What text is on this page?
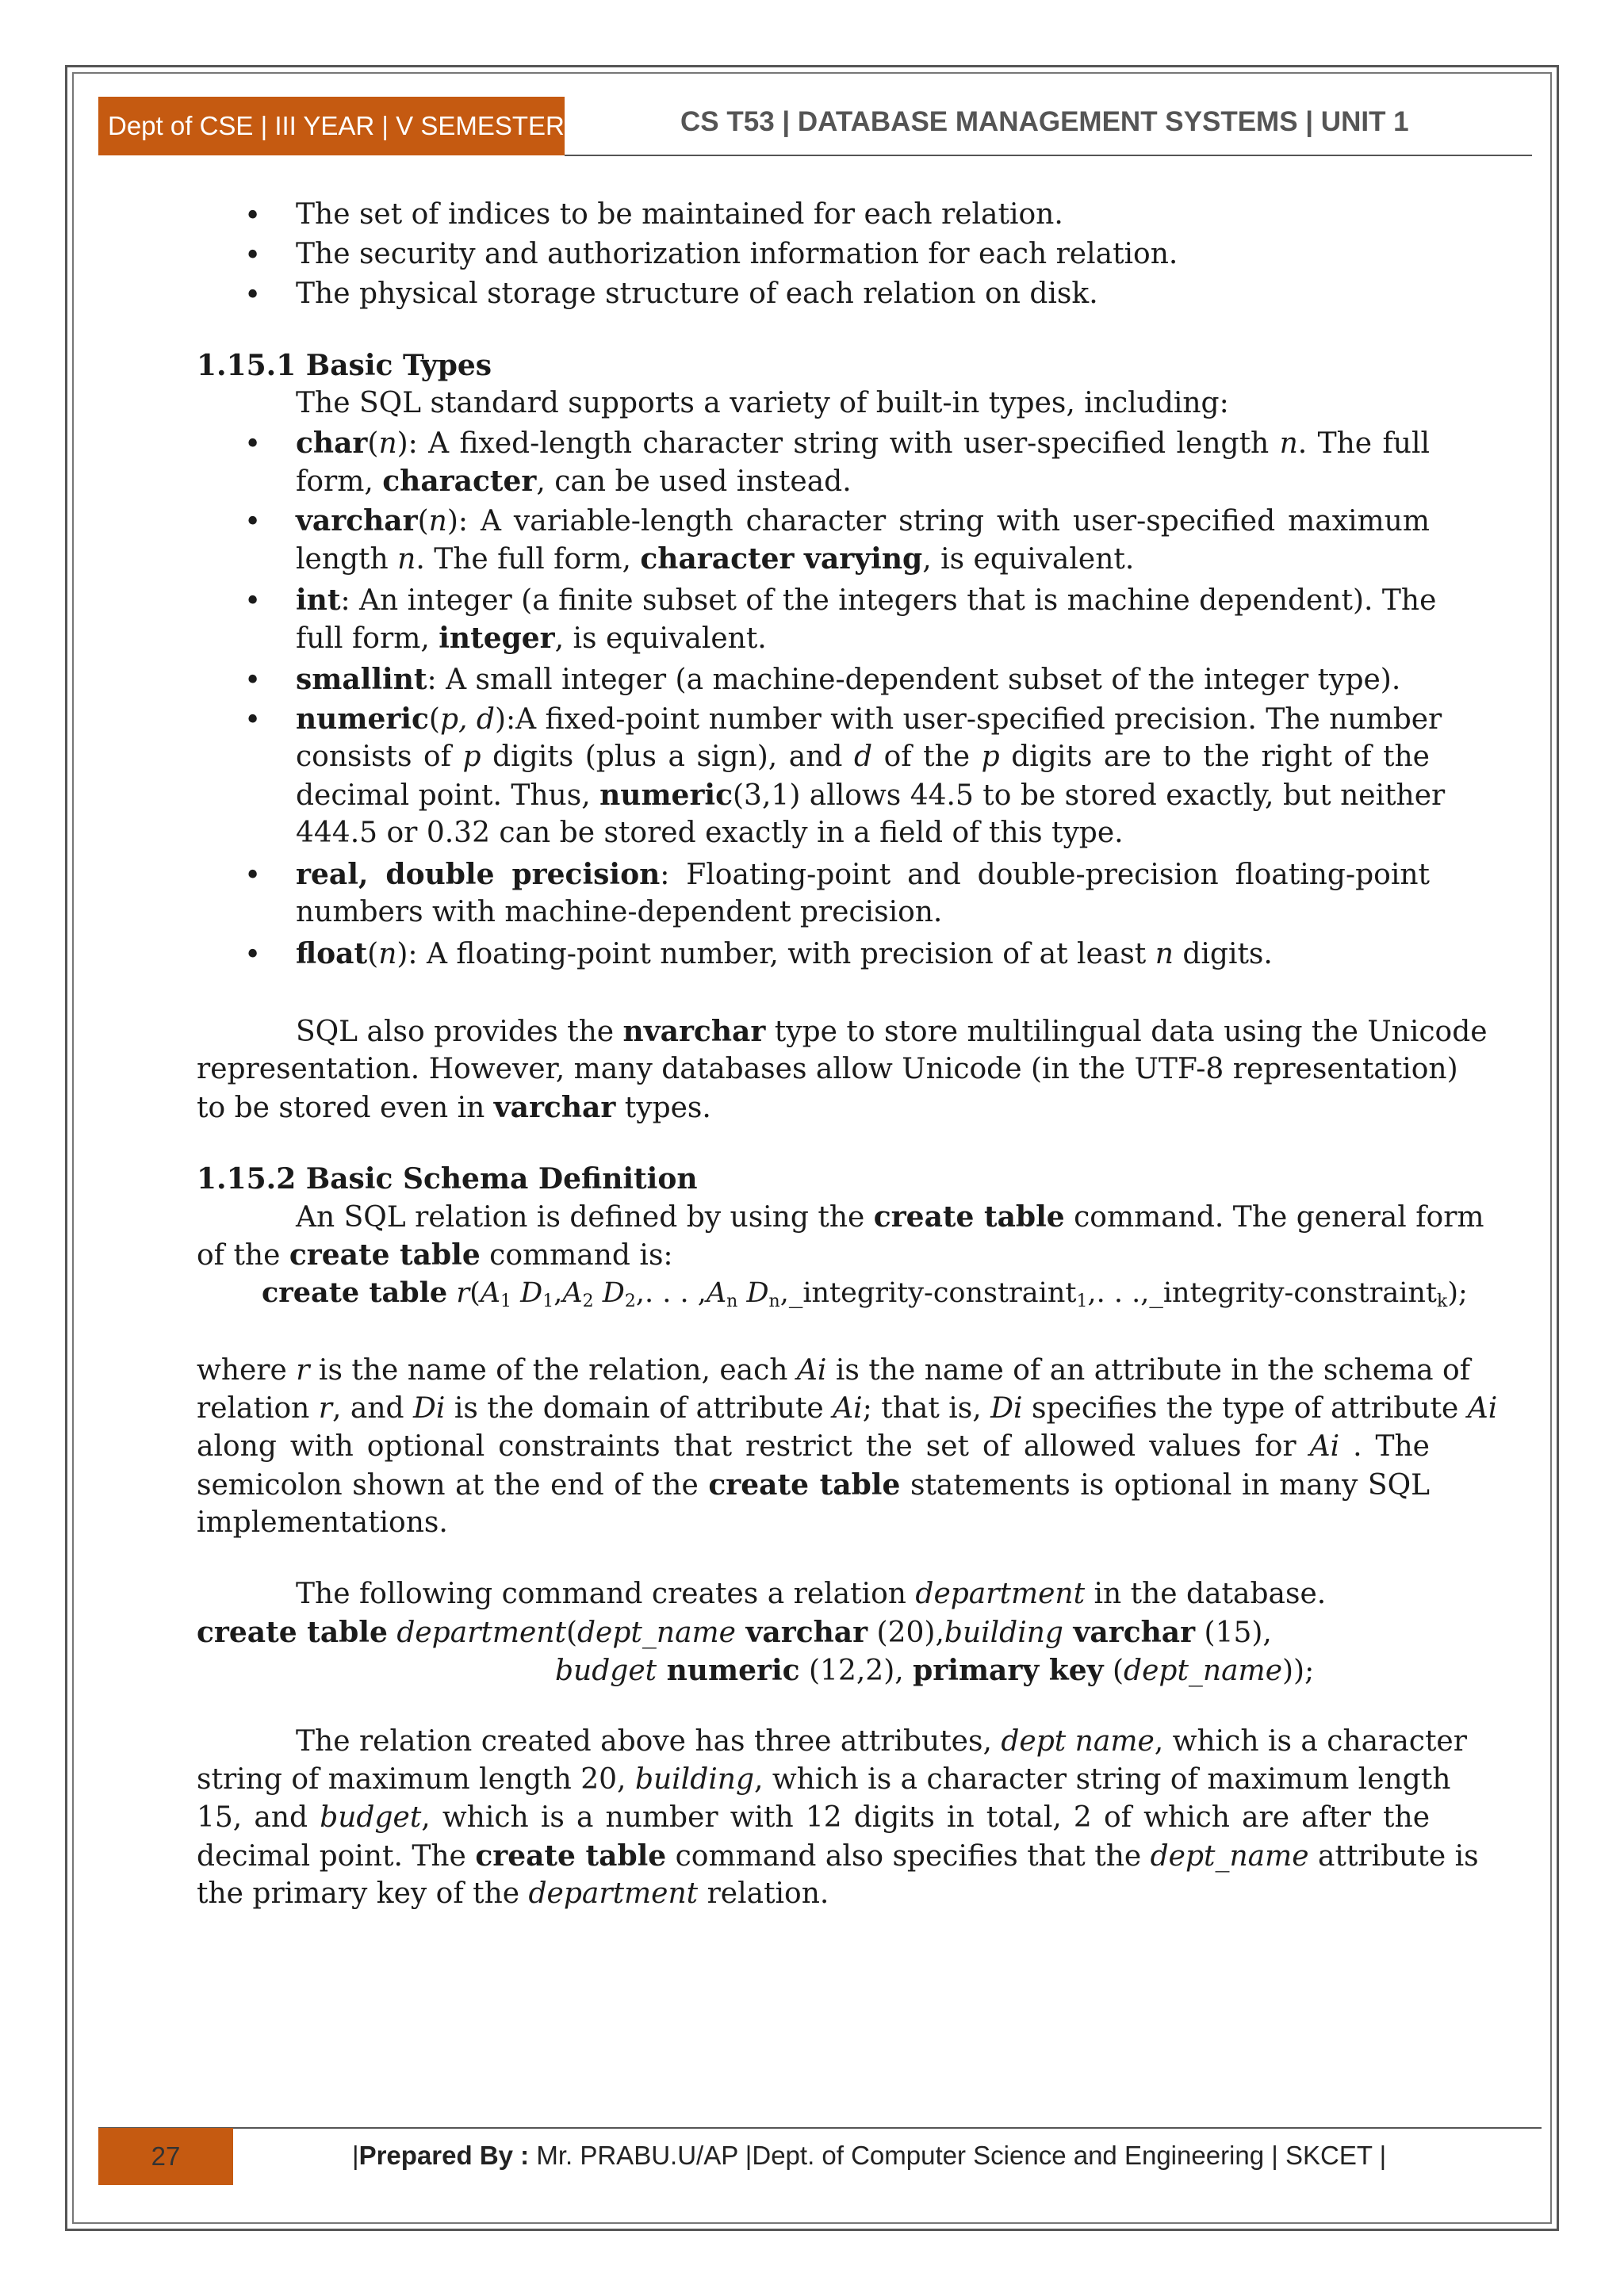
Dept of CSE | III YEAR | V SEMESTER	CS T53 | DATABASE MANAGEMENT SYSTEMS | UNIT 1
• The set of indices to be maintained for each relation.
• The security and authorization information for each relation.
• The physical storage structure of each relation on disk.
1.15.1 Basic Types
The SQL standard supports a variety of built-in types, including:
• char(n): A fixed-length character string with user-specified length n. The full
form, character, can be used instead.
• varchar(n): A variable-length character string with user-specified maximum
length n. The full form, character varying, is equivalent.
• int: An integer (a finite subset of the integers that is machine dependent). The
full form, integer, is equivalent.
• smallint: A small integer (a machine-dependent subset of the integer type).
• numeric(p, d):A fixed-point number with user-specified precision. The number
consists of p digits (plus a sign), and d of the p digits are to the right of the
decimal point. Thus, numeric(3,1) allows 44.5 to be stored exactly, but neither
444.5 or 0.32 can be stored exactly in a field of this type.
• real, double precision: Floating-point and double-precision floating-point
numbers with machine-dependent precision.
• float(n): A floating-point number, with precision of at least n digits.
SQL also provides the nvarchar type to store multilingual data using the Unicode
representation. However, many databases allow Unicode (in the UTF-8 representation)
to be stored even in varchar types.
1.15.2 Basic Schema Definition
An SQL relation is defined by using the create table command. The general form
of the create table command is:
create table $r(A_1$ $D_1,A_2$ $D_2$,. . . $,A_n$ $D_n,\_integrity-constraint_1$,. . .,_integrity-constraint$_k$);
where r is the name of the relation, each Ai is the name of an attribute in the schema of
relation r, and Di is the domain of attribute Ai; that is, Di specifies the type of attribute Ai
along with optional constraints that restrict the set of allowed values for Ai . The
semicolon shown at the end of the create table statements is optional in many SQL
implementations.
The following command creates a relation department in the database.
create table department(dept_name varchar (20),building varchar (15),
budget numeric (12,2), primary key (dept_name));
The relation created above has three attributes, dept name, which is a character
string of maximum length 20, building, which is a character string of maximum length
15, and budget, which is a number with 12 digits in total, 2 of which are after the
decimal point. The create table command also specifies that the dept_name attribute is
the primary key of the department relation.
27	|Prepared By : Mr. PRABU.U/AP |Dept. of Computer Science and Engineering | SKCET |
